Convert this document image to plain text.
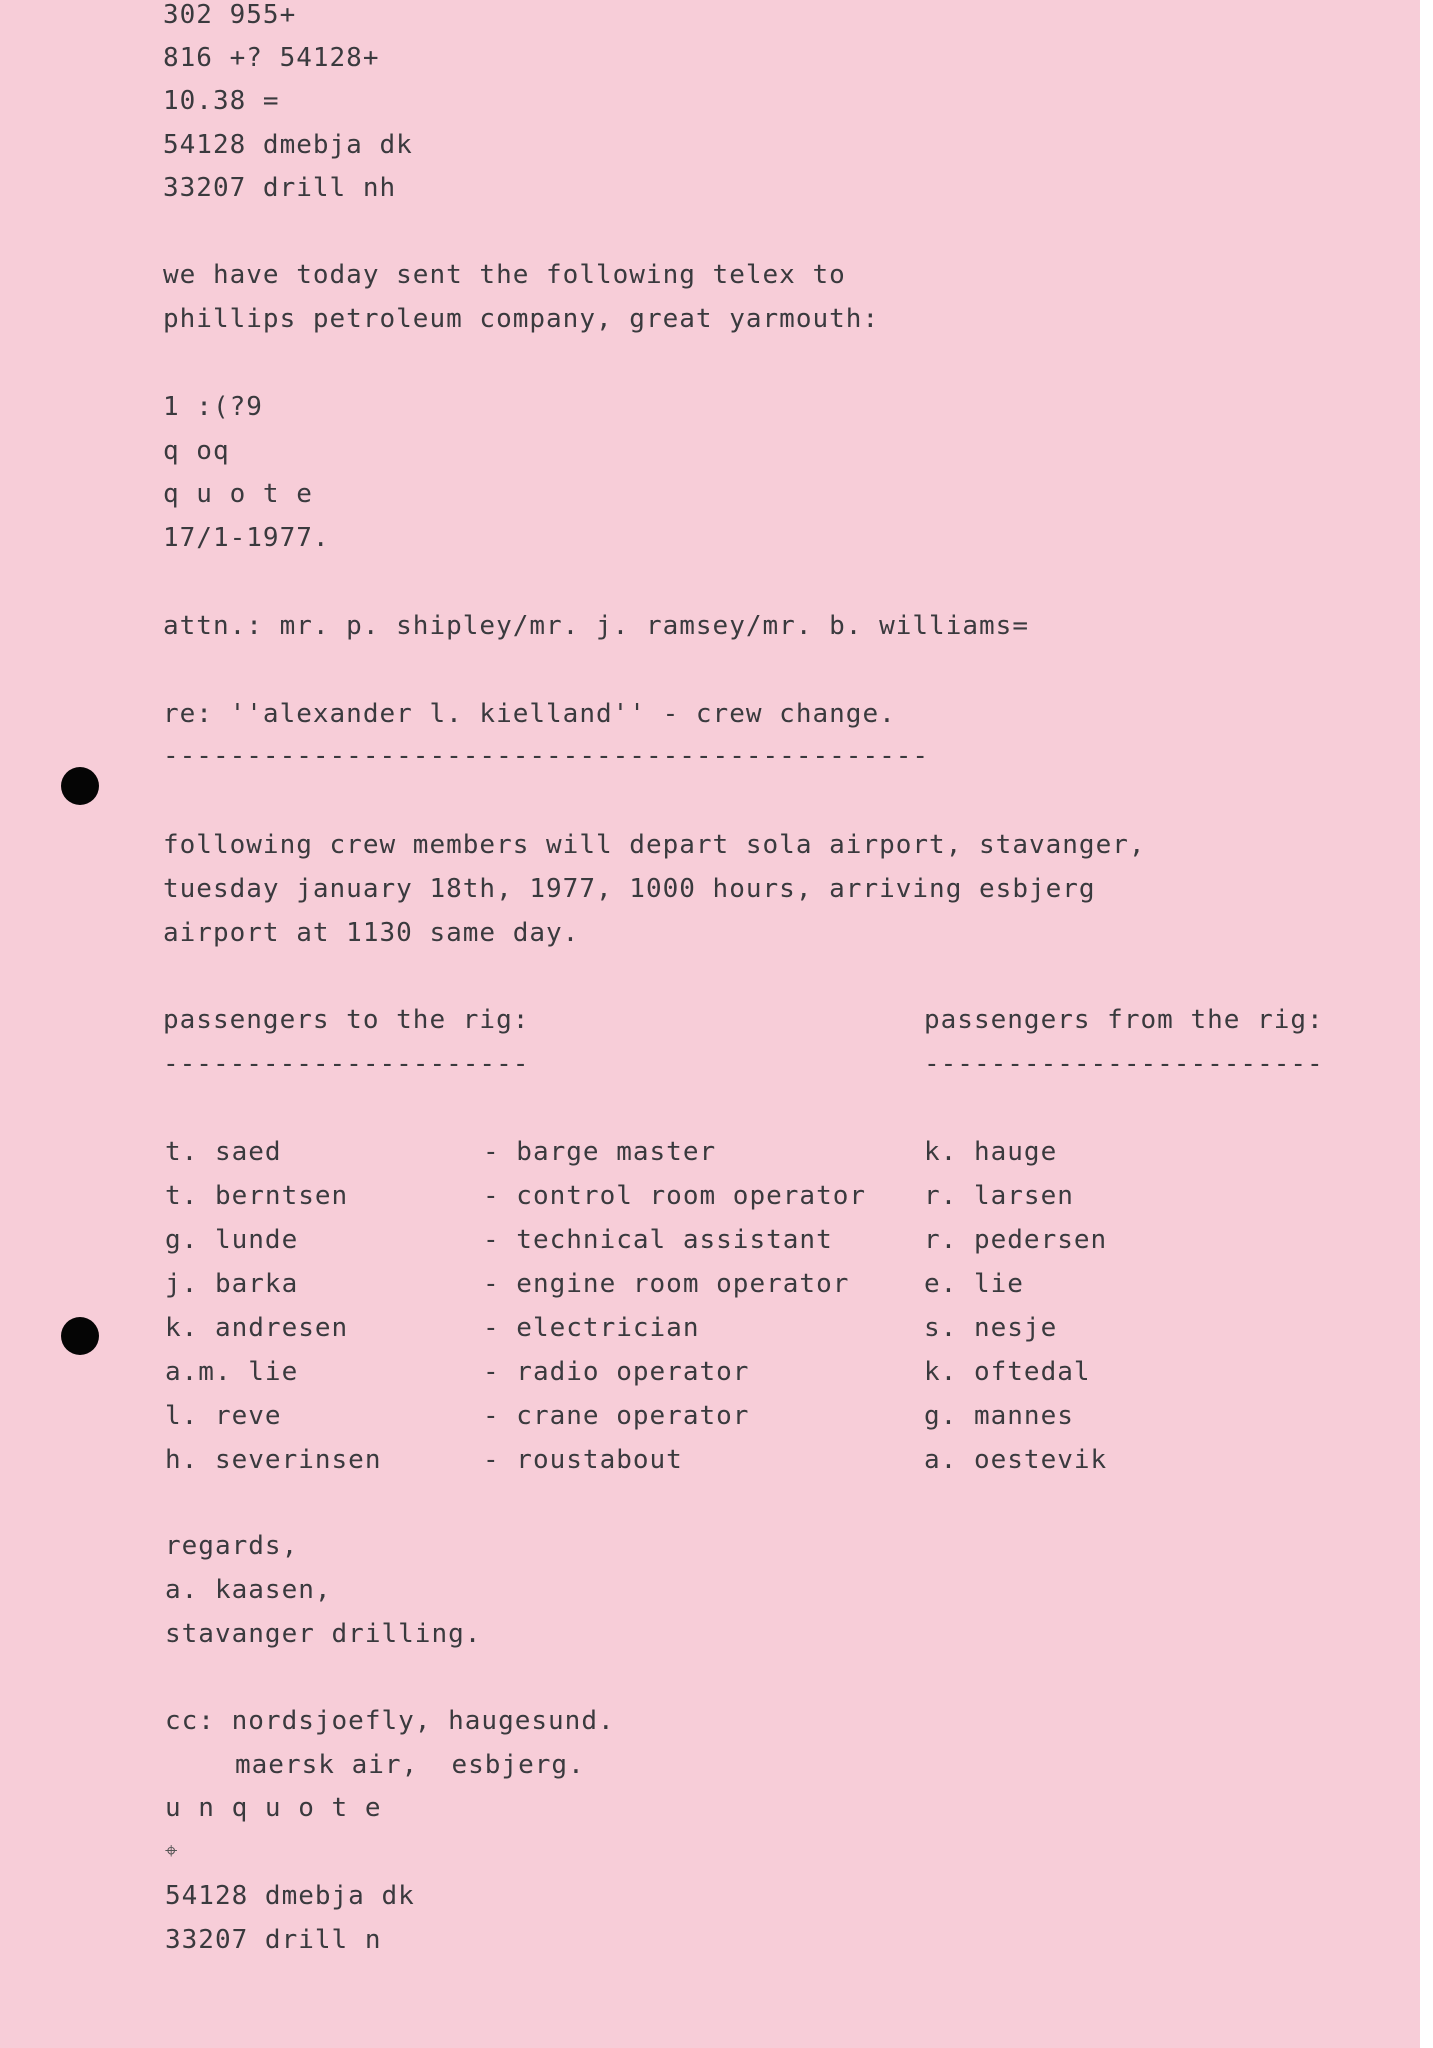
302 955+
816 +? 54128+
10.38 =
54128 dmebja dk
33207 drill nh
we have today sent the following telex to
phillips petroleum company, great yarmouth:
1 :(?9
q oq
q u o t e
17/1-1977.
attn.: mr. p. shipley/mr. j. ramsey/mr. b. williams=
re: ''alexander l. kielland'' - crew change.
----------------------------------------------
following crew members will depart sola airport, stavanger,
tuesday january 18th, 1977, 1000 hours, arriving esbjerg
airport at 1130 same day.
passengers to the rig:
----------------------
passengers from the rig:
------------------------
t. saed	- barge master	k. hauge
t. berntsen	- control room operator r. larsen
g. lunde	- technical assistant	r. pedersen
j. barka	- engine room operator	e. lie
k. andresen	- electrician	s. nesje
a.m. lie	- radio operator	k. oftedal
l. reve	- crane operator	g. mannes
h. severinsen	- roustabout	a. oestevik
regards,
a. kaasen,
stavanger drilling.
cc: nordsjoefly, haugesund.
maersk air,  esbjerg.
u n q u o t e
⌖
54128 dmebja dk
33207 drill n
